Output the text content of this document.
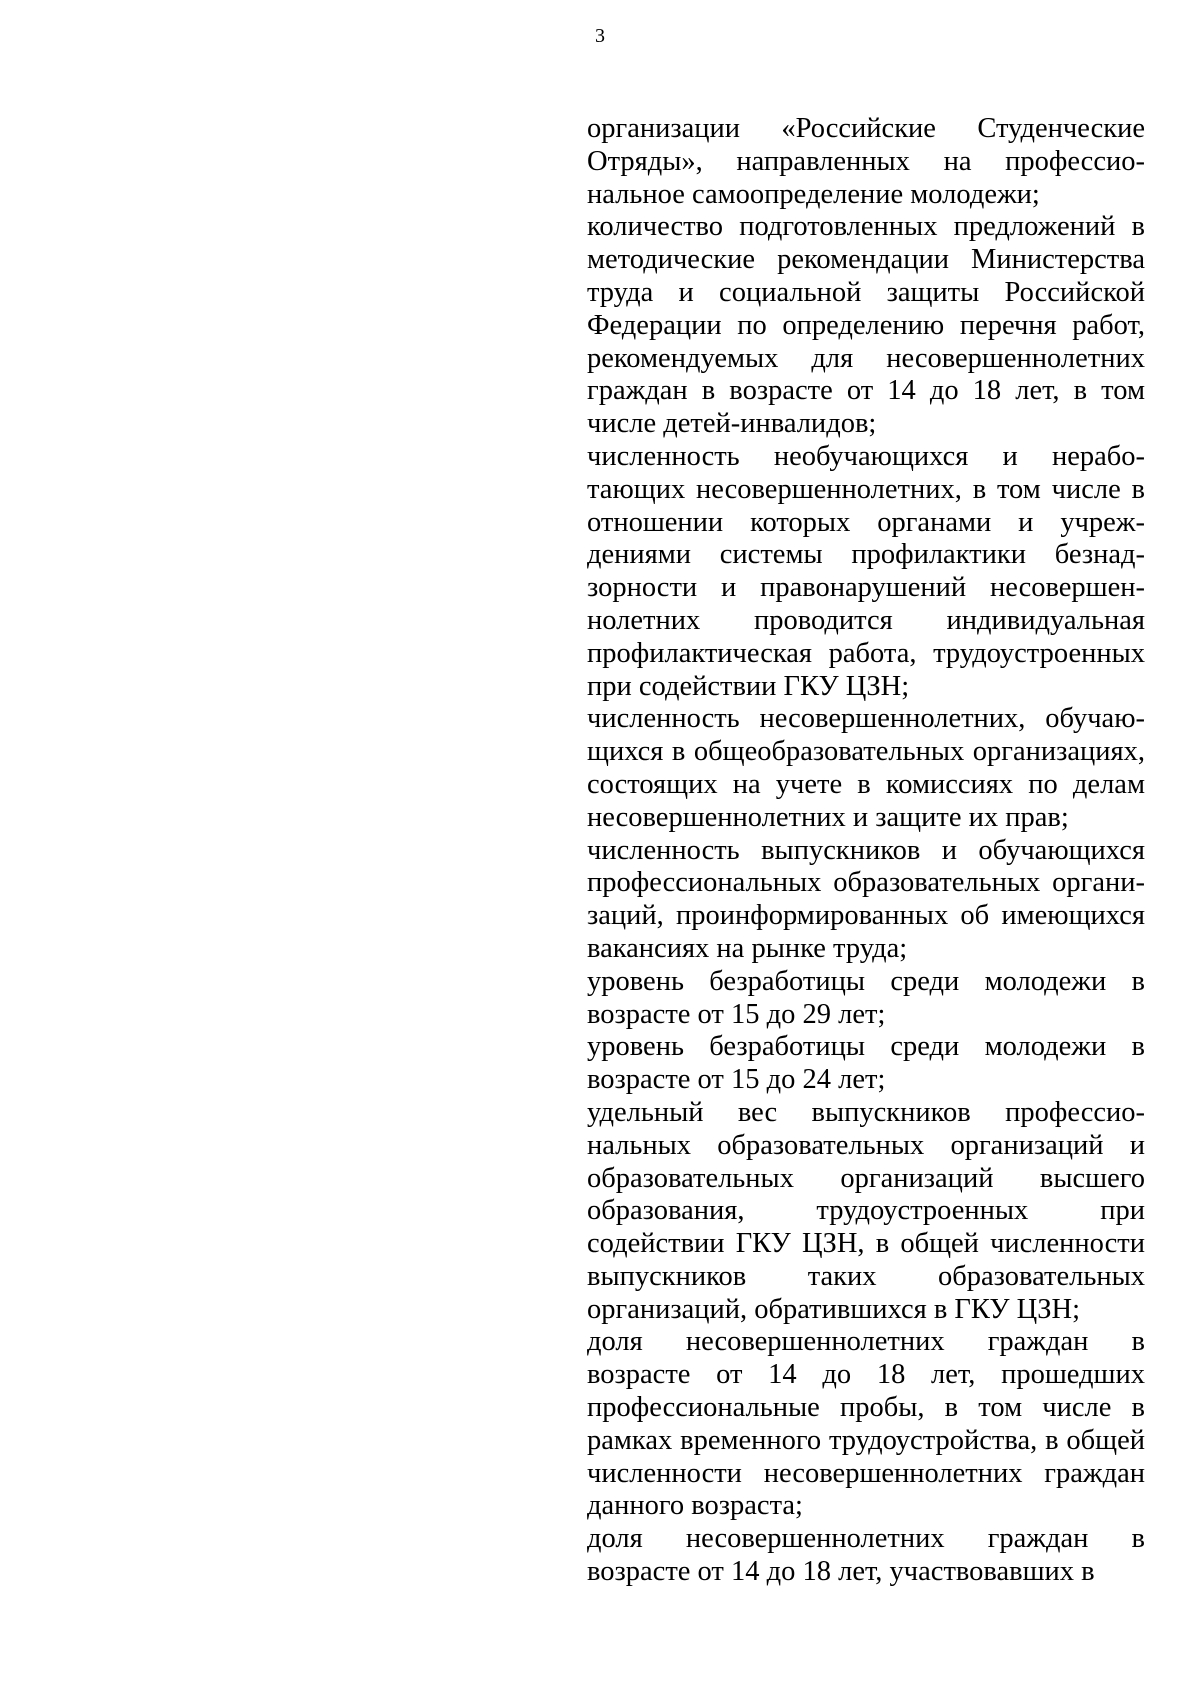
3

организации «Российские Студенческие Отряды», направленных на профессиональное самоопределение молодежи;

количество подготовленных предложений в методические рекомендации Министерства труда и социальной защиты Российской Федерации по определению перечня работ, рекомендуемых для несовершеннолетних граждан в возрасте от 14 до 18 лет, в том числе детей-инвалидов;

численность необучающихся и неработающих несовершеннолетних, в том числе в отношении которых органами и учреждениями системы профилактики безнадзорности и правонарушений несовершеннолетних проводится индивидуальная профилактическая работа, трудоустроенных при содействии ГКУ ЦЗН;

численность несовершеннолетних, обучающихся в общеобразовательных организациях, состоящих на учете в комиссиях по делам несовершеннолетних и защите их прав;

численность выпускников и обучающихся профессиональных образовательных организаций, проинформированных об имеющихся вакансиях на рынке труда;

уровень безработицы среди молодежи в возрасте от 15 до 29 лет;

уровень безработицы среди молодежи в возрасте от 15 до 24 лет;

удельный вес выпускников профессиональных образовательных организаций и образовательных организаций высшего образования, трудоустроенных при содействии ГКУ ЦЗН, в общей численности выпускников таких образовательных организаций, обратившихся в ГКУ ЦЗН;

доля несовершеннолетних граждан в возрасте от 14 до 18 лет, прошедших профессиональные пробы, в том числе в рамках временного трудоустройства, в общей численности несовершеннолетних граждан данного возраста;

доля несовершеннолетних граждан в возрасте от 14 до 18 лет, участвовавших в
